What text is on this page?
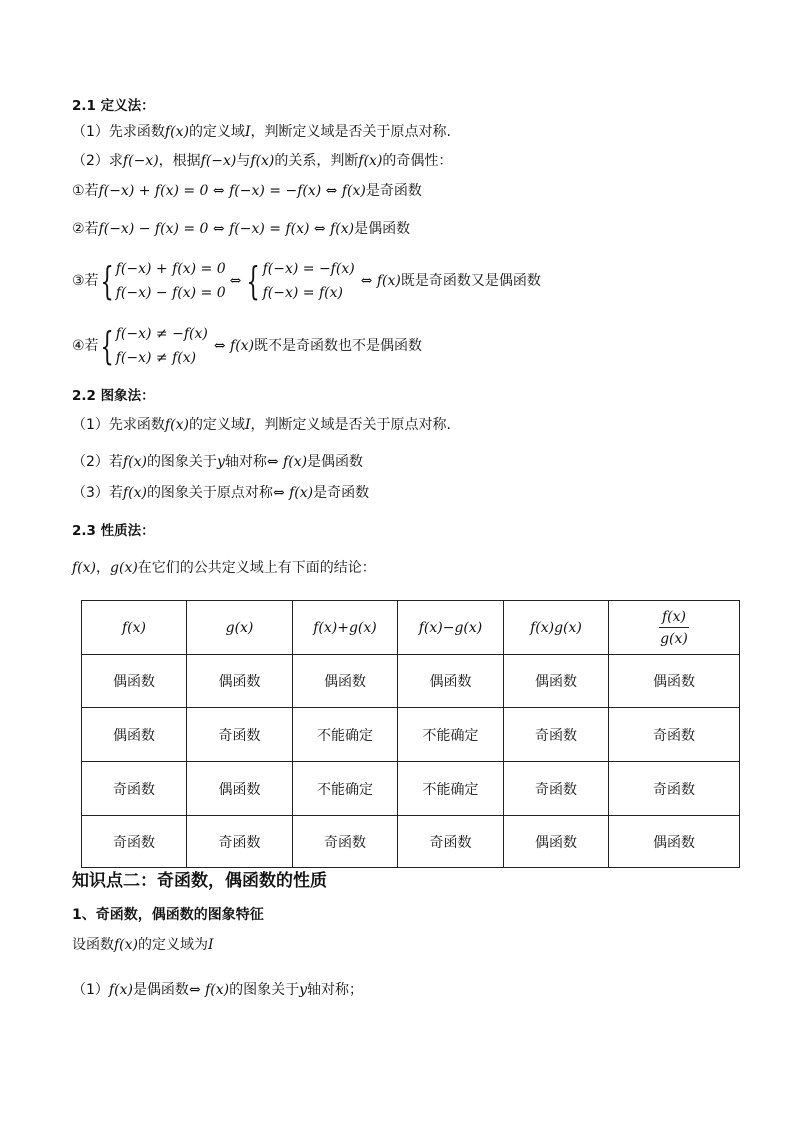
2.1 定义法：
（1）先求函数f(x)的定义域I，判断定义域是否关于原点对称.
（2）求f(−x)，根据f(−x)与f(x)的关系，判断f(x)的奇偶性：
①若f(−x) + f(x) = 0 ⇔ f(−x) = −f(x) ⇔ f(x)是奇函数
②若f(−x) − f(x) = 0 ⇔ f(−x) = f(x) ⇔ f(x)是偶函数
③若 { f(−x) + f(x) = 0
f(−x) − f(x) = 0
⇔ { f(−x) = −f(x)
f(−x) = f(x)
⇔ f(x) 既是奇函数又是偶函数
④若 { f(−x) ≠ −f(x)
f(−x) ≠ f(x)
⇔ f(x) 既不是奇函数也不是偶函数
2.2 图象法：
（1）先求函数f(x)的定义域I，判断定义域是否关于原点对称.
（2）若f(x)的图象关于y轴对称⇔ f(x)是偶函数
（3）若f(x)的图象关于原点对称⇔ f(x)是奇函数
2.3 性质法：
f(x)，g(x)在它们的公共定义域上有下面的结论：
f(x)	g(x)	f(x)+g(x)	f(x)−g(x)	f(x)g(x)	$\frac{f(x)}{g(x)}$

偶函数	偶函数	偶函数	偶函数	偶函数	偶函数
偶函数	奇函数	不能确定	不能确定	奇函数	奇函数
奇函数	偶函数	不能确定	不能确定	奇函数	奇函数
奇函数	奇函数	奇函数	奇函数	偶函数	偶函数
知识点二：奇函数，偶函数的性质
1、奇函数，偶函数的图象特征
设函数f(x)的定义域为I
（1）f(x)是偶函数⇔ f(x)的图象关于y轴对称；
